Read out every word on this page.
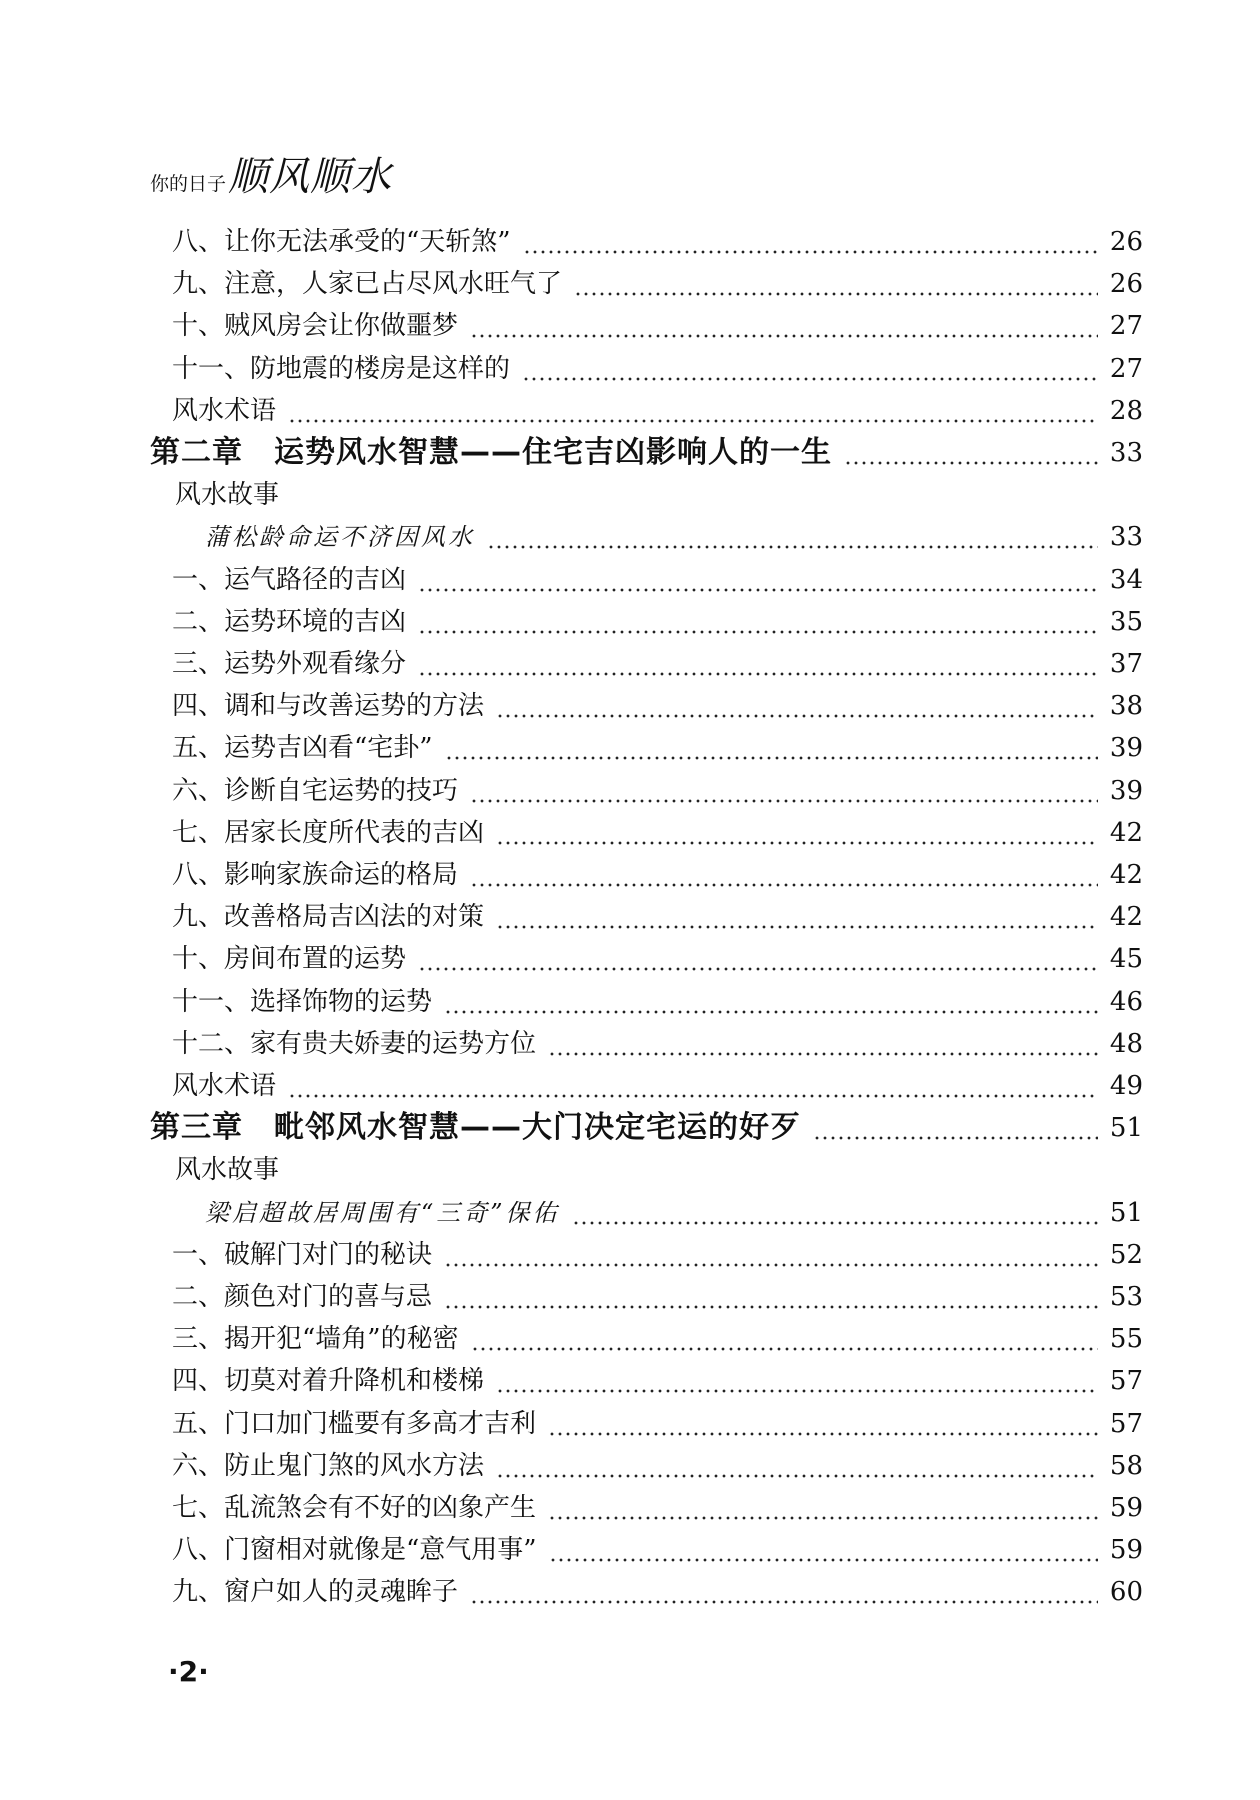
你的日子 顺风顺水
八、让你无法承受的“天斩煞”	26
九、注意，人家已占尽风水旺气了	26
十、贼风房会让你做噩梦	27
十一、防地震的楼房是这样的	27
风水术语	28
第二章　运势风水智慧——住宅吉凶影响人的一生	33
风水故事
蒲松龄命运不济因风水	33
一、运气路径的吉凶	34
二、运势环境的吉凶	35
三、运势外观看缘分	37
四、调和与改善运势的方法	38
五、运势吉凶看“宅卦”	39
六、诊断自宅运势的技巧	39
七、居家长度所代表的吉凶	42
八、影响家族命运的格局	42
九、改善格局吉凶法的对策	42
十、房间布置的运势	45
十一、选择饰物的运势	46
十二、家有贵夫娇妻的运势方位	48
风水术语	49
第三章　毗邻风水智慧——大门决定宅运的好歹	51
风水故事
梁启超故居周围有“三奇”保佑	51
一、破解门对门的秘诀	52
二、颜色对门的喜与忌	53
三、揭开犯“墙角”的秘密	55
四、切莫对着升降机和楼梯	57
五、门口加门槛要有多高才吉利	57
六、防止鬼门煞的风水方法	58
七、乱流煞会有不好的凶象产生	59
八、门窗相对就像是“意气用事”	59
九、窗户如人的灵魂眸子	60
·2·
